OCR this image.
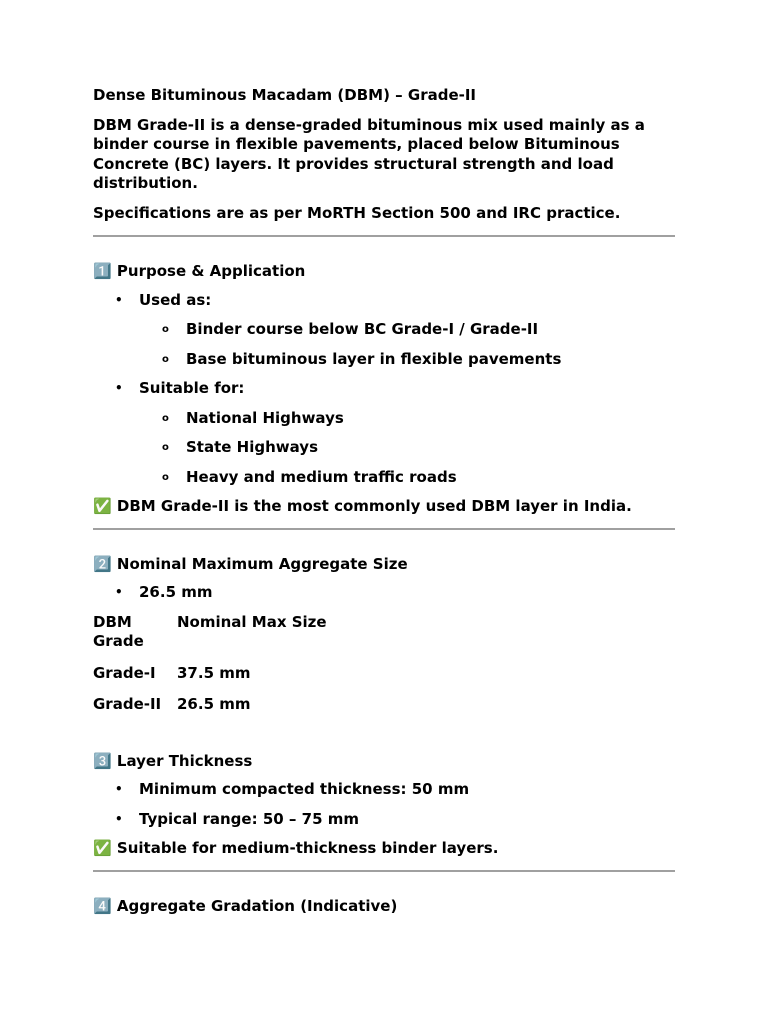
Dense Bituminous Macadam (DBM) – Grade-II

DBM Grade-II is a dense-graded bituminous mix used mainly as a binder course in flexible pavements, placed below Bituminous Concrete (BC) layers. It provides structural strength and load distribution.

Specifications are as per MoRTH Section 500 and IRC practice.

1️⃣ Purpose & Application
• Used as:
o Binder course below BC Grade-I / Grade-II
o Base bituminous layer in flexible pavements
• Suitable for:
o National Highways
o State Highways
o Heavy and medium traffic roads

✅ DBM Grade-II is the most commonly used DBM layer in India.

2️⃣ Nominal Maximum Aggregate Size
• 26.5 mm
DBM Grade	Nominal Max Size
Grade-I	37.5 mm
Grade-II	26.5 mm
3️⃣ Layer Thickness
• Minimum compacted thickness: 50 mm
• Typical range: 50 – 75 mm

✅ Suitable for medium-thickness binder layers.

4️⃣ Aggregate Gradation (Indicative)
